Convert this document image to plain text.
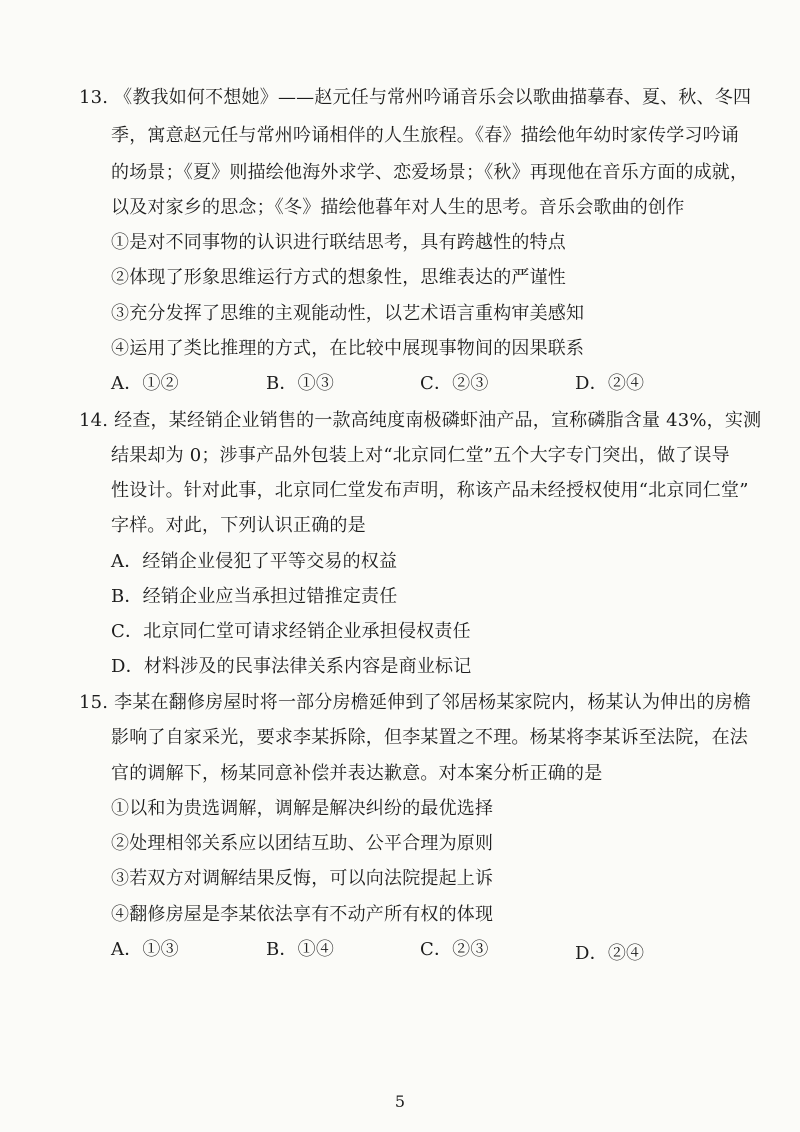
13. 《教我如何不想她》——赵元任与常州吟诵音乐会以歌曲描摹春、夏、秋、冬四
季，寓意赵元任与常州吟诵相伴的人生旅程。《春》描绘他年幼时家传学习吟诵
的场景；《夏》则描绘他海外求学、恋爱场景；《秋》再现他在音乐方面的成就，
以及对家乡的思念；《冬》描绘他暮年对人生的思考。音乐会歌曲的创作
①是对不同事物的认识进行联结思考，具有跨越性的特点
②体现了形象思维运行方式的想象性，思维表达的严谨性
③充分发挥了思维的主观能动性，以艺术语言重构审美感知
④运用了类比推理的方式，在比较中展现事物间的因果联系
A．①②	B．①③	C．②③	D．②④
14. 经查，某经销企业销售的一款高纯度南极磷虾油产品，宣称磷脂含量 43%，实测
结果却为 0；涉事产品外包装上对“北京同仁堂”五个大字专门突出，做了误导
性设计。针对此事，北京同仁堂发布声明，称该产品未经授权使用“北京同仁堂”
字样。对此，下列认识正确的是
A．经销企业侵犯了平等交易的权益
B．经销企业应当承担过错推定责任
C．北京同仁堂可请求经销企业承担侵权责任
D．材料涉及的民事法律关系内容是商业标记
15. 李某在翻修房屋时将一部分房檐延伸到了邻居杨某家院内，杨某认为伸出的房檐
影响了自家采光，要求李某拆除，但李某置之不理。杨某将李某诉至法院，在法
官的调解下，杨某同意补偿并表达歉意。对本案分析正确的是
①以和为贵选调解，调解是解决纠纷的最优选择
②处理相邻关系应以团结互助、公平合理为原则
③若双方对调解结果反悔，可以向法院提起上诉
④翻修房屋是李某依法享有不动产所有权的体现
A．①③	B．①④	C．②③	D．②④
5
